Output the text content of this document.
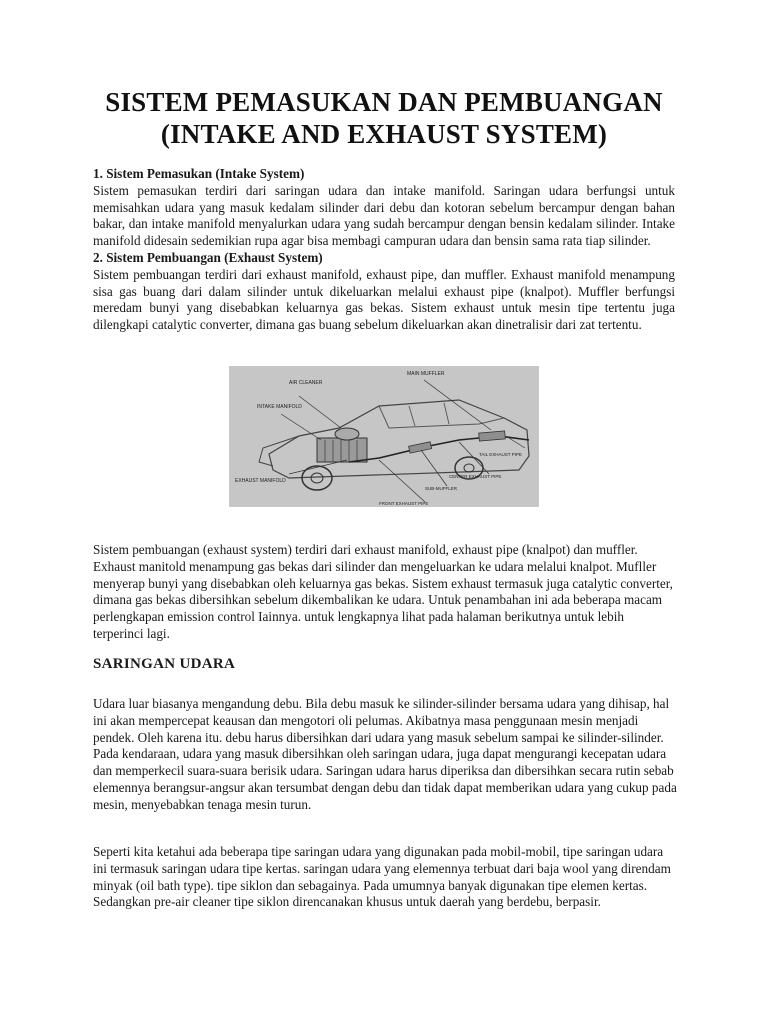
SISTEM PEMASUKAN DAN PEMBUANGAN
(INTAKE AND EXHAUST SYSTEM)

1. Sistem Pemasukan (Intake System)

Sistem pemasukan terdiri dari saringan udara dan intake manifold. Saringan udara berfungsi untuk memisahkan udara yang masuk kedalam silinder dari debu dan kotoran sebelum bercampur dengan bahan bakar, dan intake manifold menyalurkan udara yang sudah bercampur dengan bensin kedalam silinder. Intake manifold didesain sedemikian rupa agar bisa membagi campuran udara dan bensin sama rata tiap silinder.

2. Sistem Pembuangan (Exhaust System)

Sistem pembuangan terdiri dari exhaust manifold, exhaust pipe, dan muffler. Exhaust manifold menampung sisa gas buang dari dalam silinder untuk dikeluarkan melalui exhaust pipe (knalpot). Muffler berfungsi meredam bunyi yang disebabkan keluarnya gas bekas. Sistem exhaust untuk mesin tipe tertentu juga dilengkapi catalytic converter, dimana gas buang sebelum dikeluarkan akan dinetralisir dari zat tertentu.

AIR CLEANER
INTAKE MANIFOLD
MAIN MUFFLER
TAIL EXHAUST PIPE
CENTER EXHAUST PIPE
SUB-MUFFLER
EXHAUST MANIFOLD
FRONT EXHAUST PIPE

Sistem pembuangan (exhaust system) terdiri dari exhaust manifold, exhaust pipe (knalpot) dan muffler. Exhaust manitold menampung gas bekas dari silinder dan mengeluarkan ke udara melalui knalpot. Mufller menyerap bunyi yang disebabkan oleh keluarnya gas bekas. Sistem exhaust termasuk juga catalytic converter, dimana gas bekas dibersihkan sebelum dikembalikan ke udara. Untuk penambahan ini ada beberapa macam perlengkapan emission control Iainnya. untuk lengkapnya lihat pada halaman berikutnya untuk lebih terperinci lagi.

SARINGAN UDARA

Udara luar biasanya mengandung debu. Bila debu masuk ke silinder-silinder bersama udara yang dihisap, hal ini akan mempercepat keausan dan mengotori oli pelumas. Akibatnya masa penggunaan mesin menjadi pendek. Oleh karena itu. debu harus dibersihkan dari udara yang masuk sebelum sampai ke silinder-silinder. Pada kendaraan, udara yang masuk dibersihkan oleh saringan udara, juga dapat mengurangi kecepatan udara dan memperkecil suara-suara berisik udara. Saringan udara harus diperiksa dan dibersihkan secara rutin sebab elemennya berangsur-angsur akan tersumbat dengan debu dan tidak dapat memberikan udara yang cukup pada mesin, menyebabkan tenaga mesin turun.

Seperti kita ketahui ada beberapa tipe saringan udara yang digunakan pada mobil-mobil, tipe saringan udara ini termasuk saringan udara tipe kertas. saringan udara yang elemennya terbuat dari baja wool yang direndam minyak (oil bath type). tipe siklon dan sebagainya. Pada umumnya banyak digunakan tipe elemen kertas. Sedangkan pre-air cleaner tipe siklon direncanakan khusus untuk daerah yang berdebu, berpasir.
